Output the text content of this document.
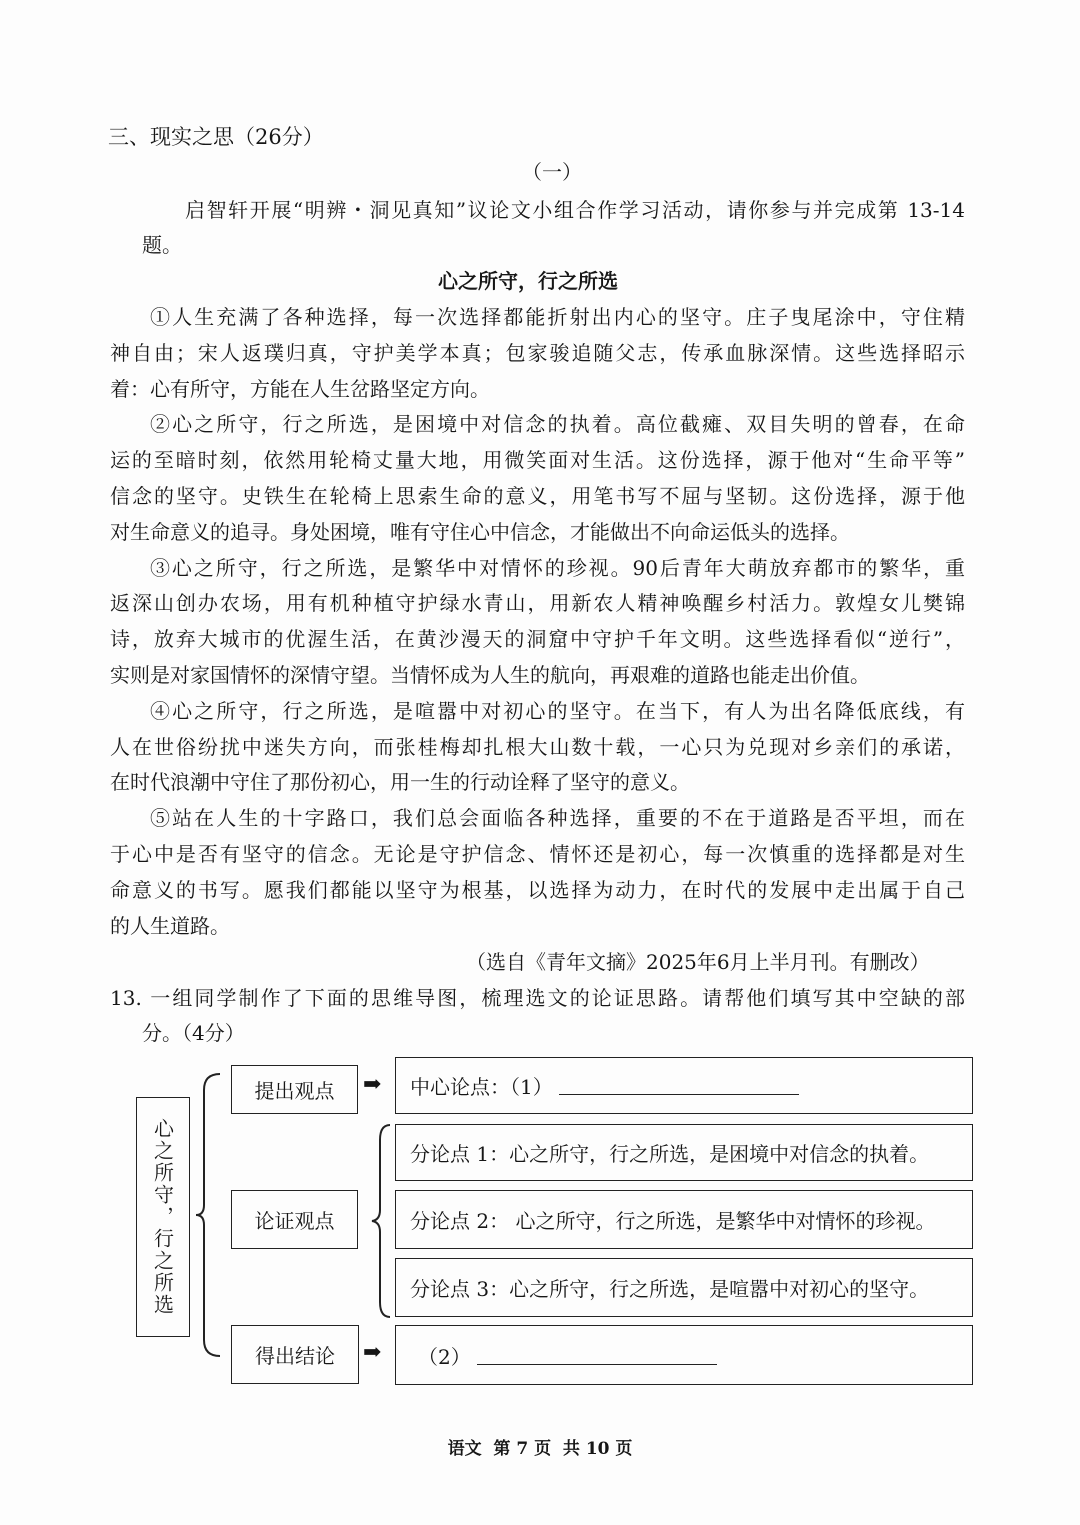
三、现实之思（26分）
（一）
启智轩开展“明辨・洞见真知”议论文小组合作学习活动，请你参与并完成第 13-14
题。
心之所守，行之所选
①人生充满了各种选择，每一次选择都能折射出内心的坚守。庄子曳尾涂中，守住精
神自由；宋人返璞归真，守护美学本真；包家骏追随父志，传承血脉深情。这些选择昭示
着：心有所守，方能在人生岔路坚定方向。
②心之所守，行之所选，是困境中对信念的执着。高位截瘫、双目失明的曾春，在命
运的至暗时刻，依然用轮椅丈量大地，用微笑面对生活。这份选择，源于他对“生命平等”
信念的坚守。史铁生在轮椅上思索生命的意义，用笔书写不屈与坚韧。这份选择，源于他
对生命意义的追寻。身处困境，唯有守住心中信念，才能做出不向命运低头的选择。
③心之所守，行之所选，是繁华中对情怀的珍视。90后青年大萌放弃都市的繁华，重
返深山创办农场，用有机种植守护绿水青山，用新农人精神唤醒乡村活力。敦煌女儿樊锦
诗，放弃大城市的优渥生活，在黄沙漫天的洞窟中守护千年文明。这些选择看似“逆行”，
实则是对家国情怀的深情守望。当情怀成为人生的航向，再艰难的道路也能走出价值。
④心之所守，行之所选，是喧嚣中对初心的坚守。在当下，有人为出名降低底线，有
人在世俗纷扰中迷失方向，而张桂梅却扎根大山数十载，一心只为兑现对乡亲们的承诺，
在时代浪潮中守住了那份初心，用一生的行动诠释了坚守的意义。
⑤站在人生的十字路口，我们总会面临各种选择，重要的不在于道路是否平坦，而在
于心中是否有坚守的信念。无论是守护信念、情怀还是初心，每一次慎重的选择都是对生
命意义的书写。愿我们都能以坚守为根基，以选择为动力，在时代的发展中走出属于自己
的人生道路。
（选自《青年文摘》2025年6月上半月刊。有删改）
13. 一组同学制作了下面的思维导图，梳理选文的论证思路。请帮他们填写其中空缺的部
分。（4分）
心之所守，行之所选
提出观点
论证观点
得出结论
➡
➡
中心论点：（1）
分论点 1：心之所守，行之所选，是困境中对信念的执着。
分论点 2： 心之所守，行之所选，是繁华中对情怀的珍视。
分论点 3：心之所守，行之所选，是喧嚣中对初心的坚守。
（2）
语文  第 7 页  共 10 页
